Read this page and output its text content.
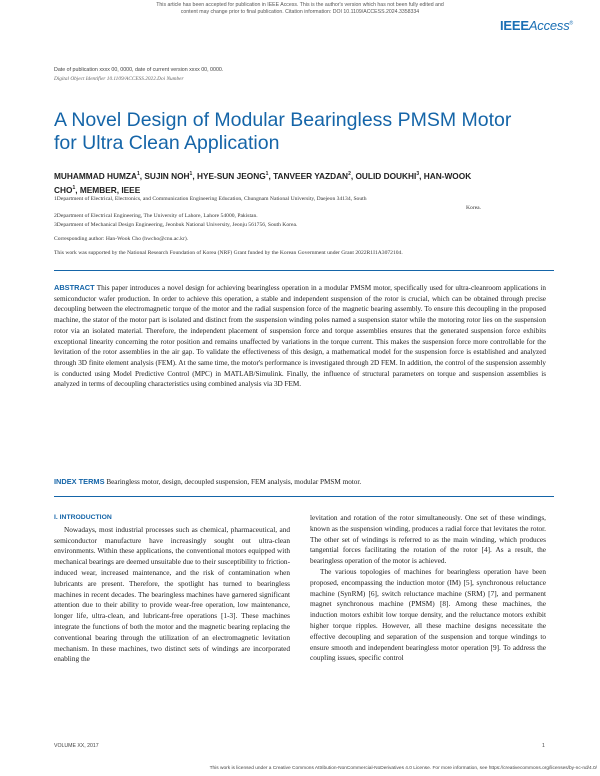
This article has been accepted for publication in IEEE Access. This is the author's version which has not been fully edited and
content may change prior to final publication. Citation information: DOI 10.1109/ACCESS.2024.3358334
IEEEAccess®
Date of publication xxxx 00, 0000, date of current version xxxx 00, 0000.
Digital Object Identifier 10.1109/ACCESS.2022.Doi Number
A Novel Design of Modular Bearingless PMSM Motor for Ultra Clean Application
MUHAMMAD HUMZA$^1$, SUJIN NOH$^1$, HYE-SUN JEONG$^1$, TANVEER YAZDAN$^2$, OULID DOUKHI$^3$, HAN-WOOK CHO$^1$, MEMBER, IEEE
1Department of Electrical, Electronics, and Communication Engineering Education, Chungnam National University, Daejeon 34134, South
Korea.
2Department of Electrical Engineering, The University of Lahore, Lahore 54000, Pakistan.
3Department of Mechanical Design Engineering, Jeonbuk National University, Jeonju 561756, South Korea.
Corresponding author: Han-Wook Cho (hwcho@cnu.ac.kr).
This work was supported by the National Research Foundation of Korea (NRF) Grant funded by the Korean Government under Grant 2022R1I1A3072104.
ABSTRACT This paper introduces a novel design for achieving bearingless operation in a modular PMSM motor, specifically used for ultra-cleanroom applications in semiconductor wafer production. In order to achieve this operation, a stable and independent suspension of the rotor is crucial, which can be obtained through precise decoupling between the electromagnetic torque of the motor and the radial suspension force of the magnetic bearing assembly. To ensure this decoupling in the proposed machine, the stator of the motor part is isolated and distinct from the suspension winding poles named a suspension stator while the motoring rotor lies on the suspension rotor via an isolated material. Therefore, the independent placement of suspension force and torque assemblies ensures that the generated suspension force exhibits exceptional linearity concerning the rotor position and remains unaffected by variations in the torque current. This makes the suspension force more controllable for the levitation of the rotor assemblies in the air gap. To validate the effectiveness of this design, a mathematical model for the suspension force is established and analyzed through 3D finite element analysis (FEM). At the same time, the motor's performance is investigated through 2D FEM. In addition, the control of the suspension assembly is conducted using Model Predictive Control (MPC) in MATLAB/Simulink. Finally, the influence of structural parameters on torque and suspension assemblies is analyzed in terms of decoupling characteristics using combined analysis via 3D FEM.
INDEX TERMS Bearingless motor, design, decoupled suspension, FEM analysis, modular PMSM motor.
I. INTRODUCTION

Nowadays, most industrial processes such as chemical, pharmaceutical, and semiconductor manufacture have increasingly sought out ultra-clean environments. Within these applications, the conventional motors equipped with mechanical bearings are deemed unsuitable due to their susceptibility to friction-induced wear, increased maintenance, and the risk of contamination when lubricants are present. Therefore, the spotlight has turned to bearingless machines in recent decades. The bearingless machines have garnered significant attention due to their ability to provide wear-free operation, low maintenance, longer life, ultra-clean, and lubricant-free operations [1-3]. These machines integrate the functions of both the motor and the magnetic bearing replacing the conventional bearing through the utilization of an electromagnetic levitation mechanism. In these machines, two distinct sets of windings are incorporated enabling the

levitation and rotation of the rotor simultaneously. One set of these windings, known as the suspension winding, produces a radial force that levitates the rotor. The other set of windings is referred to as the main winding, which produces tangential forces facilitating the rotation of the rotor [4]. As a result, the bearingless operation of the motor is achieved.

The various topologies of machines for bearingless operation have been proposed, encompassing the induction motor (IM) [5], synchronous reluctance machine (SynRM) [6], switch reluctance machine (SRM) [7], and permanent magnet synchronous machine (PMSM) [8]. Among these machines, the induction motors exhibit low torque density, and the reluctance motors exhibit higher torque ripples. However, all these machine designs necessitate the effective decoupling and separation of the suspension and torque windings to ensure smooth and independent bearingless motor operation [9]. To address the coupling issues, specific control

VOLUME XX, 2017	1
This work is licensed under a Creative Commons Attribution-NonCommercial-NoDerivatives 4.0 License. For more information, see https://creativecommons.org/licenses/by-nc-nd/4.0/
